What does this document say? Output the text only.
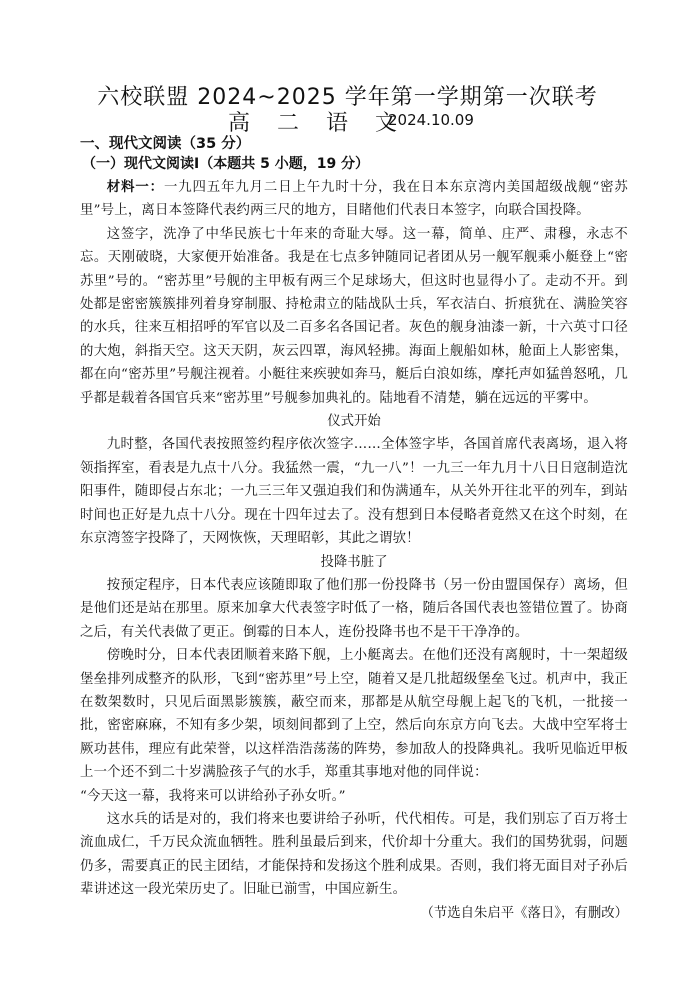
六校联盟 2024~2025 学年第一学期第一次联考
高 二 语 文
2024.10.09
一、现代文阅读（35 分）
（一）现代文阅读Ⅰ（本题共 5 小题，19 分）

材料一：一九四五年九月二日上午九时十分，我在日本东京湾内美国超级战舰“密苏里”号上，离日本签降代表约两三尺的地方，目睹他们代表日本签字，向联合国投降。

这签字，洗净了中华民族七十年来的奇耻大辱。这一幕，简单、庄严、肃穆，永志不忘。天刚破晓，大家便开始准备。我是在七点多钟随同记者团从另一舰军舰乘小艇登上“密苏里”号的。“密苏里”号舰的主甲板有两三个足球场大，但这时也显得小了。走动不开。到处都是密密簇簇排列着身穿制服、持枪肃立的陆战队士兵，军衣洁白、折痕犹在、满脸笑容的水兵，往来互相招呼的军官以及二百多名各国记者。灰色的舰身油漆一新，十六英寸口径的大炮，斜指天空。这天天阴，灰云四罩，海风轻拂。海面上舰船如林，舱面上人影密集，都在向“密苏里”号舰注视着。小艇往来疾驶如奔马，艇后白浪如练，摩托声如猛兽怒吼，几乎都是载着各国官兵来“密苏里”号舰参加典礼的。陆地看不清楚，躺在远远的平雾中。

仪式开始

九时整，各国代表按照签约程序依次签字……全体签字毕，各国首席代表离场，退入将领指挥室，看表是九点十八分。我猛然一震，“九一八”！一九三一年九月十八日日寇制造沈阳事件，随即侵占东北；一九三三年又强迫我们和伪满通车，从关外开往北平的列车，到站时间也正好是九点十八分。现在十四年过去了。没有想到日本侵略者竟然又在这个时刻，在东京湾签字投降了，天网恢恢，天理昭彰，其此之谓欤！

投降书脏了

按预定程序，日本代表应该随即取了他们那一份投降书（另一份由盟国保存）离场，但是他们还是站在那里。原来加拿大代表签字时低了一格，随后各国代表也签错位置了。协商之后，有关代表做了更正。倒霉的日本人，连份投降书也不是干干净净的。

傍晚时分，日本代表团顺着来路下舰，上小艇离去。在他们还没有离舰时，十一架超级堡垒排列成整齐的队形，飞到“密苏里”号上空，随着又是几批超级堡垒飞过。机声中，我正在数架数时，只见后面黑影簇簇，蔽空而来，那都是从航空母舰上起飞的飞机，一批接一批，密密麻麻，不知有多少架，顷刻间都到了上空，然后向东京方向飞去。大战中空军将士厥功甚伟，理应有此荣誉，以这样浩浩荡荡的阵势，参加敌人的投降典礼。我听见临近甲板上一个还不到二十岁满脸孩子气的水手，郑重其事地对他的同伴说：

“今天这一幕，我将来可以讲给孙子孙女听。”

这水兵的话是对的，我们将来也要讲给子孙听，代代相传。可是，我们别忘了百万将士流血成仁，千万民众流血牺牲。胜利虽最后到来，代价却十分重大。我们的国势犹弱，问题仍多，需要真正的民主团结，才能保持和发扬这个胜利成果。否则，我们将无面目对子孙后辈讲述这一段光荣历史了。旧耻已湔雪，中国应新生。

（节选自朱启平《落日》，有删改）
